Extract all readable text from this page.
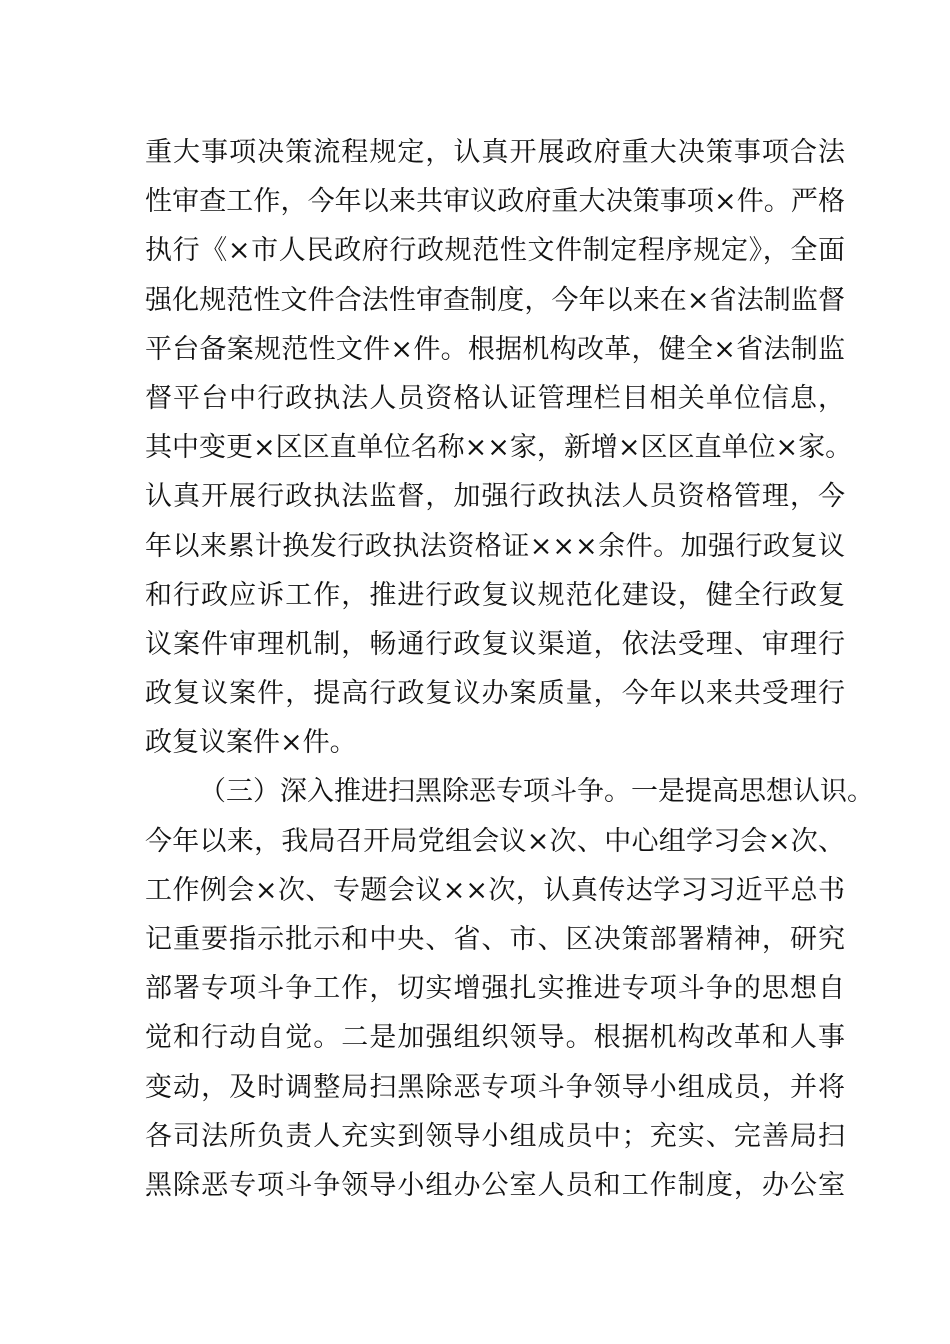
重大事项决策流程规定，认真开展政府重大决策事项合法
性审查工作，今年以来共审议政府重大决策事项×件。严格
执行《×市人民政府行政规范性文件制定程序规定》，全面
强化规范性文件合法性审查制度，今年以来在×省法制监督
平台备案规范性文件×件。根据机构改革，健全×省法制监
督平台中行政执法人员资格认证管理栏目相关单位信息，
其中变更×区区直单位名称××家，新增×区区直单位×家。
认真开展行政执法监督，加强行政执法人员资格管理，今
年以来累计换发行政执法资格证×××余件。加强行政复议
和行政应诉工作，推进行政复议规范化建设，健全行政复
议案件审理机制，畅通行政复议渠道，依法受理、审理行
政复议案件，提高行政复议办案质量，今年以来共受理行
政复议案件×件。
（三）深入推进扫黑除恶专项斗争。一是提高思想认识。
今年以来，我局召开局党组会议×次、中心组学习会×次、
工作例会×次、专题会议××次，认真传达学习习近平总书
记重要指示批示和中央、省、市、区决策部署精神，研究
部署专项斗争工作，切实增强扎实推进专项斗争的思想自
觉和行动自觉。二是加强组织领导。根据机构改革和人事
变动，及时调整局扫黑除恶专项斗争领导小组成员，并将
各司法所负责人充实到领导小组成员中；充实、完善局扫
黑除恶专项斗争领导小组办公室人员和工作制度，办公室
